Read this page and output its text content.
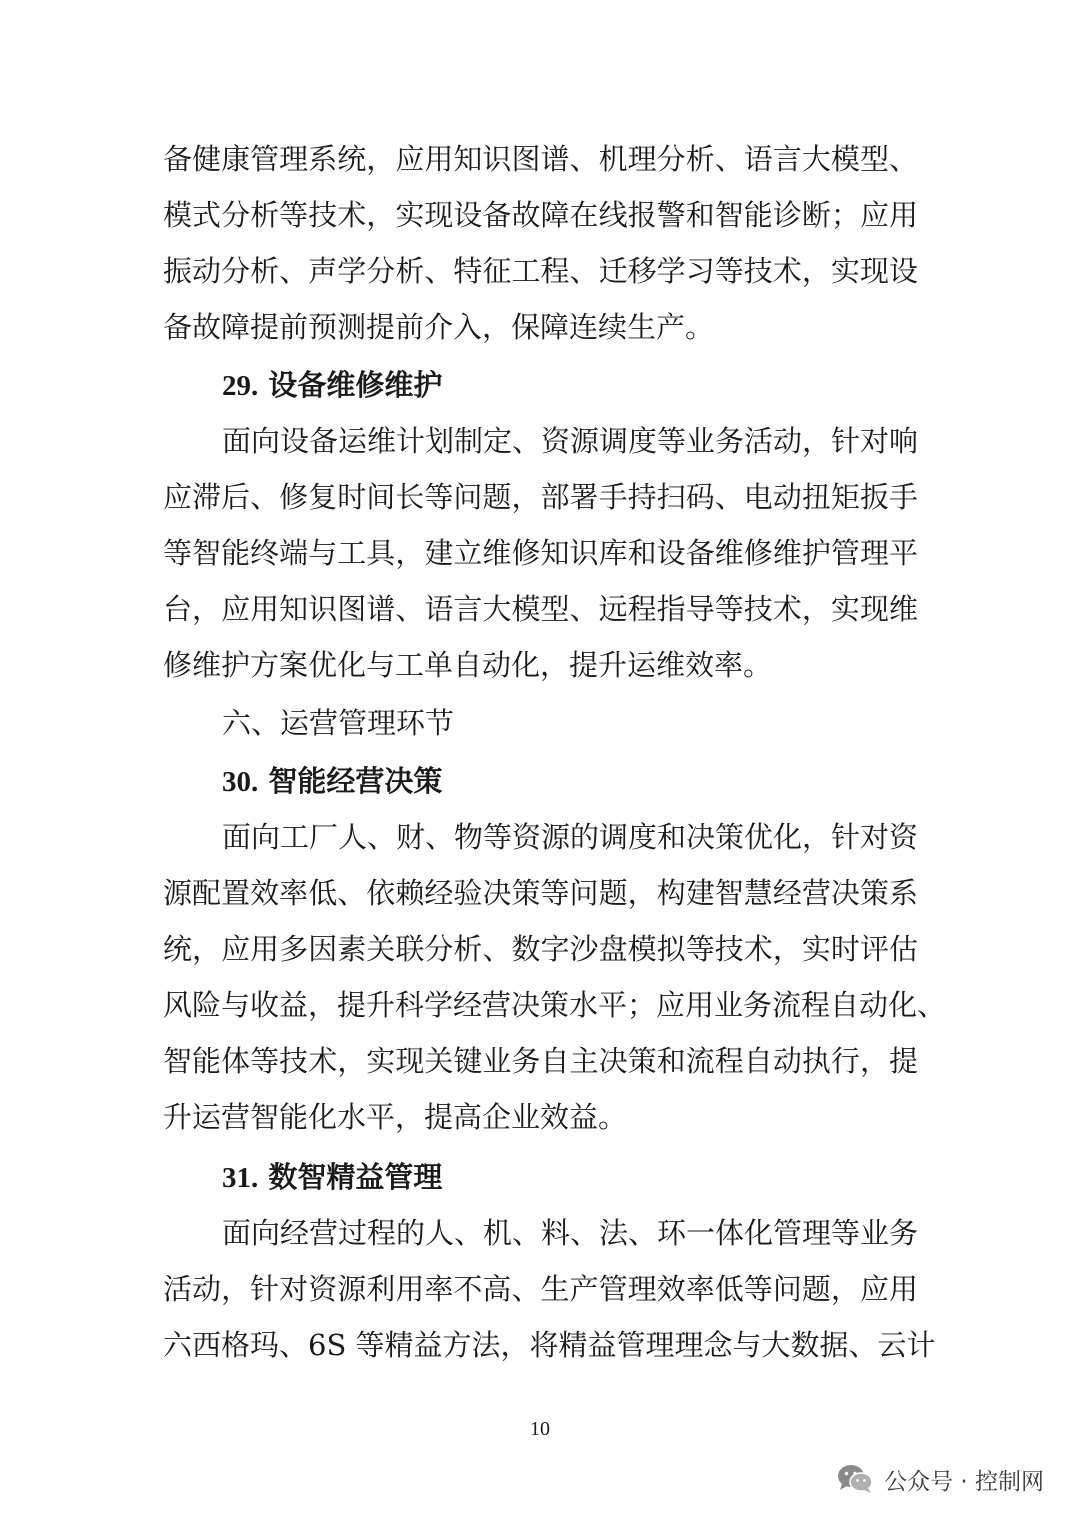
备健康管理系统，应用知识图谱、机理分析、语言大模型、
模式分析等技术，实现设备故障在线报警和智能诊断；应用
振动分析、声学分析、特征工程、迁移学习等技术，实现设
备故障提前预测提前介入，保障连续生产。
29. 设备维修维护
面向设备运维计划制定、资源调度等业务活动，针对响
应滞后、修复时间长等问题，部署手持扫码、电动扭矩扳手
等智能终端与工具，建立维修知识库和设备维修维护管理平
台，应用知识图谱、语言大模型、远程指导等技术，实现维
修维护方案优化与工单自动化，提升运维效率。
六、运营管理环节
30. 智能经营决策
面向工厂人、财、物等资源的调度和决策优化，针对资
源配置效率低、依赖经验决策等问题，构建智慧经营决策系
统，应用多因素关联分析、数字沙盘模拟等技术，实时评估
风险与收益，提升科学经营决策水平；应用业务流程自动化、
智能体等技术，实现关键业务自主决策和流程自动执行，提
升运营智能化水平，提高企业效益。
31. 数智精益管理
面向经营过程的人、机、料、法、环一体化管理等业务
活动，针对资源利用率不高、生产管理效率低等问题，应用
六西格玛、6S 等精益方法，将精益管理理念与大数据、云计
10
公众号 · 控制网
